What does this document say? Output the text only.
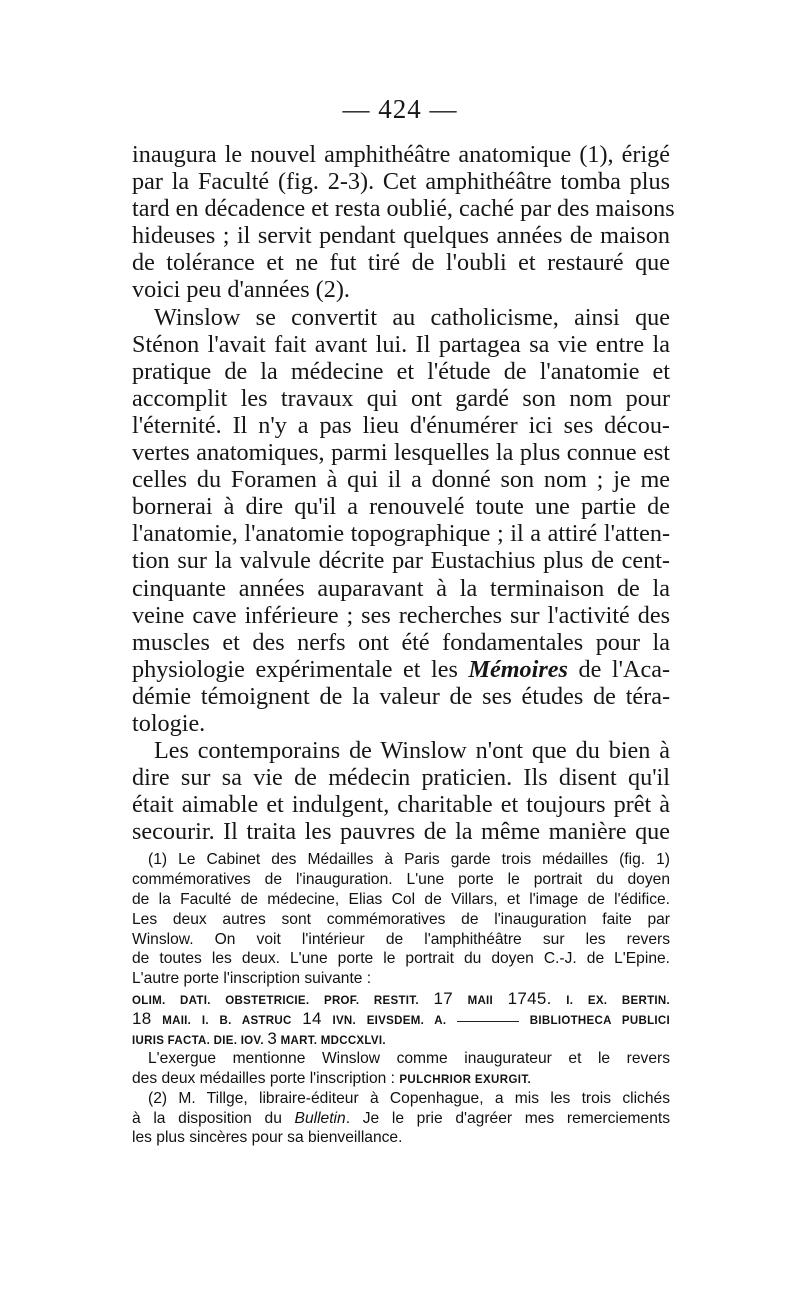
— 424 —
inaugura le nouvel amphithéâtre anatomique (1), érigé
par la Faculté (fig. 2-3). Cet amphithéâtre tomba plus
tard en décadence et resta oublié, caché par des maisons
hideuses ; il servit pendant quelques années de maison
de tolérance et ne fut tiré de l'oubli et restauré que
voici peu d'années (2).
Winslow se convertit au catholicisme, ainsi que
Sténon l'avait fait avant lui. Il partagea sa vie entre la
pratique de la médecine et l'étude de l'anatomie et
accomplit les travaux qui ont gardé son nom pour
l'éternité. Il n'y a pas lieu d'énumérer ici ses décou-
vertes anatomiques, parmi lesquelles la plus connue est
celles du Foramen à qui il a donné son nom ; je me
bornerai à dire qu'il a renouvelé toute une partie de
l'anatomie, l'anatomie topographique ; il a attiré l'atten-
tion sur la valvule décrite par Eustachius plus de cent-
cinquante années auparavant à la terminaison de la
veine cave inférieure ; ses recherches sur l'activité des
muscles et des nerfs ont été fondamentales pour la
physiologie expérimentale et les Mémoires de l'Aca-
démie témoignent de la valeur de ses études de téra-
tologie.
Les contemporains de Winslow n'ont que du bien à
dire sur sa vie de médecin praticien. Ils disent qu'il
était aimable et indulgent, charitable et toujours prêt à
secourir. Il traita les pauvres de la même manière que
(1) Le Cabinet des Médailles à Paris garde trois médailles (fig. 1)
commémoratives de l'inauguration. L'une porte le portrait du doyen
de la Faculté de médecine, Elias Col de Villars, et l'image de l'édifice.
Les deux autres sont commémoratives de l'inauguration faite par
Winslow. On voit l'intérieur de l'amphithéâtre sur les revers
de toutes les deux. L'une porte le portrait du doyen C.-J. de L'Epine.
L'autre porte l'inscription suivante :
OLIM. DATI. OBSTETRICIE. PROF. RESTIT. 17 MAII 1745. I. EX. BERTIN.
18 MAII. I. B. ASTRUC 14 IVN. EIVSDEM. A.	BIBLIOTHECA PUBLICI
IURIS FACTA. DIE. IOV. 3 MART. MDCCXLVI.
L'exergue mentionne Winslow comme inaugurateur et le revers
des deux médailles porte l'inscription : PULCHRIOR EXURGIT.
(2) M. Tillge, libraire-éditeur à Copenhague, a mis les trois clichés
à la disposition du Bulletin. Je le prie d'agréer mes remerciements
les plus sincères pour sa bienveillance.
